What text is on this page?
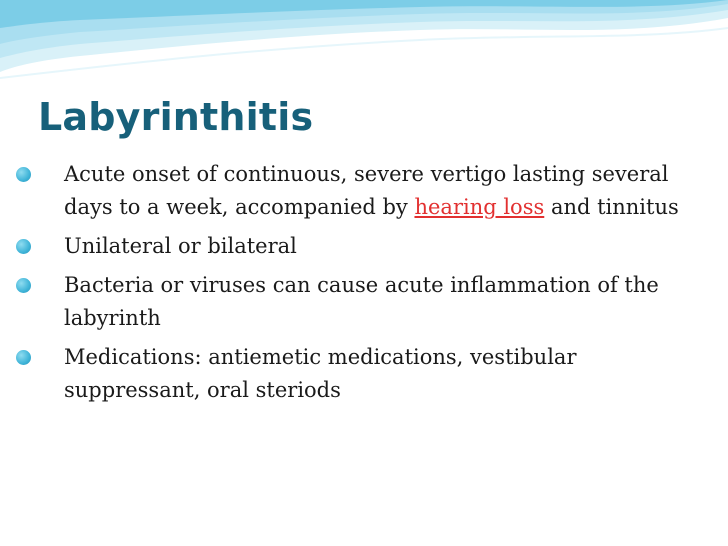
Labyrinthitis
Acute onset of continuous, severe vertigo lasting several days to a week, accompanied by hearing loss and tinnitus
Unilateral or bilateral
Bacteria or viruses can cause acute inflammation of the labyrinth
Medications: antiemetic medications, vestibular suppressant, oral steriods
